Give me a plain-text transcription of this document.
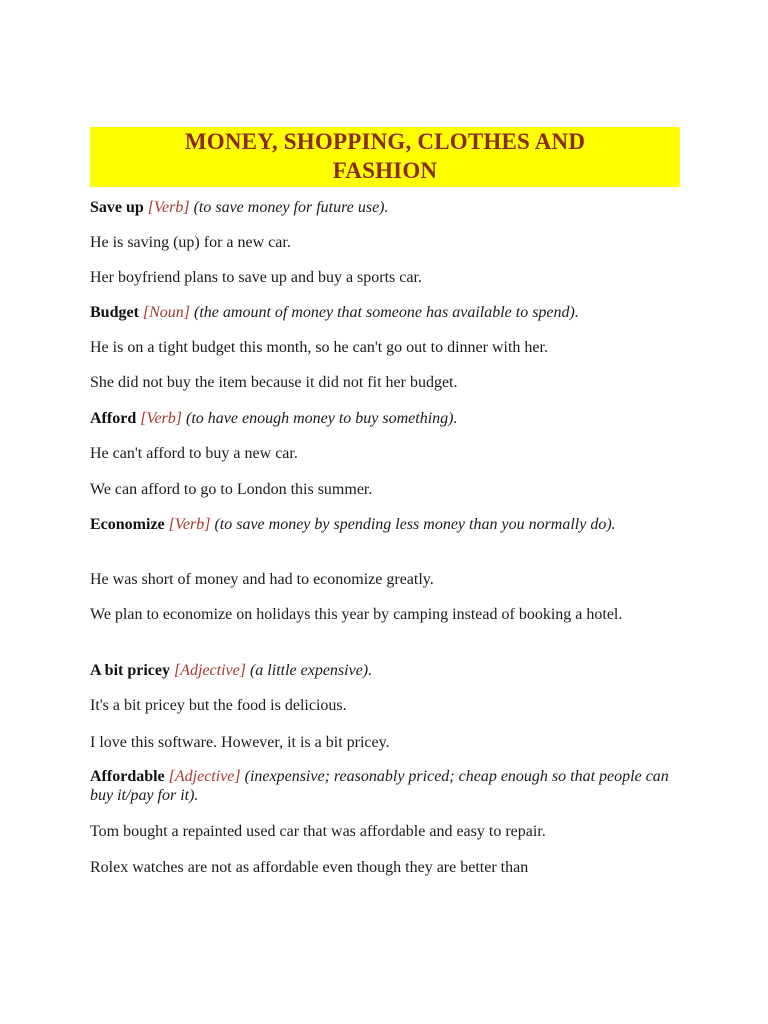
MONEY, SHOPPING, CLOTHES AND
FASHION
Save up [Verb] (to save money for future use).
He is saving (up) for a new car.
Her boyfriend plans to save up and buy a sports car.
Budget [Noun] (the amount of money that someone has available to spend).
He is on a tight budget this month, so he can't go out to dinner with her.
She did not buy the item because it did not fit her budget.
Afford [Verb] (to have enough money to buy something).
He can't afford to buy a new car.
We can afford to go to London this summer.
Economize [Verb] (to save money by spending less money than you normally do).
He was short of money and had to economize greatly.
We plan to economize on holidays this year by camping instead of booking a hotel.
A bit pricey [Adjective] (a little expensive).
It's a bit pricey but the food is delicious.
I love this software. However, it is a bit pricey.
Affordable [Adjective] (inexpensive; reasonably priced; cheap enough so that people can buy it/pay for it).
Tom bought a repainted used car that was affordable and easy to repair.
Rolex watches are not as affordable even though they are better than
